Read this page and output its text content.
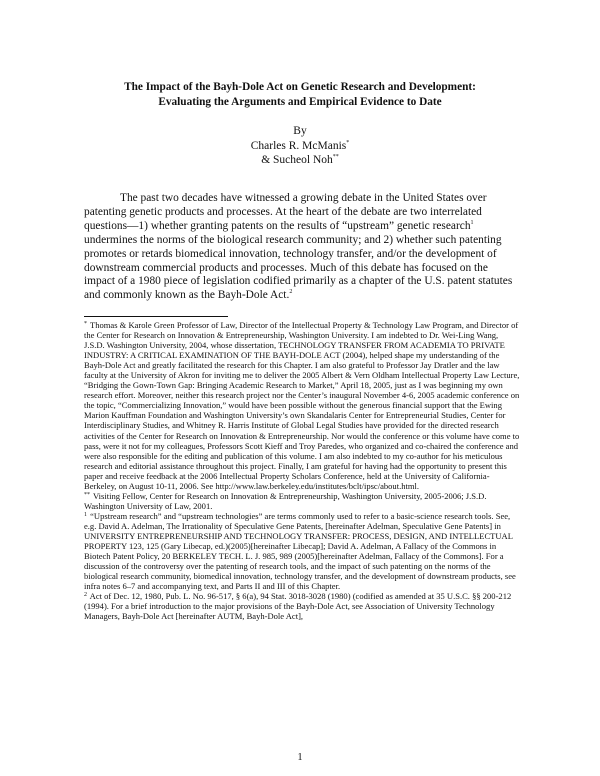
The Impact of the Bayh-Dole Act on Genetic Research and Development:
Evaluating the Arguments and Empirical Evidence to Date
By
Charles R. McManis*
& Sucheol Noh**

The past two decades have witnessed a growing debate in the United States over patenting genetic products and processes. At the heart of the debate are two interrelated questions—1) whether granting patents on the results of “upstream” genetic research$^1$ undermines the norms of the biological research community; and 2) whether such patenting promotes or retards biomedical innovation, technology transfer, and/or the development of downstream commercial products and processes. Much of this debate has focused on the impact of a 1980 piece of legislation codified primarily as a chapter of the U.S. patent statutes and commonly known as the Bayh-Dole Act.$^2$

* Thomas & Karole Green Professor of Law, Director of the Intellectual Property & Technology Law Program, and Director of the Center for Research on Innovation & Entrepreneurship, Washington University. I am indebted to Dr. Wei-Ling Wang, J.S.D. Washington University, 2004, whose dissertation, TECHNOLOGY TRANSFER FROM ACADEMIA TO PRIVATE INDUSTRY: A CRITICAL EXAMINATION OF THE BAYH-DOLE ACT (2004), helped shape my understanding of the Bayh-Dole Act and greatly facilitated the research for this Chapter. I am also grateful to Professor Jay Dratler and the law faculty at the University of Akron for inviting me to deliver the 2005 Albert & Vern Oldham Intellectual Property Law Lecture, “Bridging the Gown-Town Gap: Bringing Academic Research to Market,” April 18, 2005, just as I was beginning my own research effort. Moreover, neither this research project nor the Center’s inaugural November 4-6, 2005 academic conference on the topic, “Commercializing Innovation,” would have been possible without the generous financial support that the Ewing Marion Kauffman Foundation and Washington University’s own Skandalaris Center for Entrepreneurial Studies, Center for Interdisciplinary Studies, and Whitney R. Harris Institute of Global Legal Studies have provided for the directed research activities of the Center for Research on Innovation & Entrepreneurship. Nor would the conference or this volume have come to pass, were it not for my colleagues, Professors Scott Kieff and Troy Paredes, who organized and co-chaired the conference and were also responsible for the editing and publication of this volume. I am also indebted to my co-author for his meticulous research and editorial assistance throughout this project. Finally, I am grateful for having had the opportunity to present this paper and receive feedback at the 2006 Intellectual Property Scholars Conference, held at the University of California-Berkeley, on August 10-11, 2006. See http://www.law.berkeley.edu/institutes/bclt/ipsc/about.html.

** Visiting Fellow, Center for Research on Innovation & Entrepreneurship, Washington University, 2005-2006; J.S.D. Washington University of Law, 2001.

$^1$ “Upstream research” and “upstream technologies” are terms commonly used to refer to a basic-science research tools. See, e.g. David A. Adelman, The Irrationality of Speculative Gene Patents, [hereinafter Adelman, Speculative Gene Patents] in UNIVERSITY ENTREPRENEURSHIP AND TECHNOLOGY TRANSFER: PROCESS, DESIGN, AND INTELLECTUAL PROPERTY 123, 125 (Gary Libecap, ed.)(2005)[hereinafter Libecap]; David A. Adelman, A Fallacy of the Commons in Biotech Patent Policy, 20 BERKELEY TECH. L. J. 985, 989 (2005)[hereinafter Adelman, Fallacy of the Commons]. For a discussion of the controversy over the patenting of research tools, and the impact of such patenting on the norms of the biological research community, biomedical innovation, technology transfer, and the development of downstream products, see infra notes 6–7 and accompanying text, and Parts II and III of this Chapter.

$^2$ Act of Dec. 12, 1980, Pub. L. No. 96-517, § 6(a), 94 Stat. 3018-3028 (1980) (codified as amended at 35 U.S.C. §§ 200-212 (1994). For a brief introduction to the major provisions of the Bayh-Dole Act, see Association of University Technology Managers, Bayh-Dole Act [hereinafter AUTM, Bayh-Dole Act],

1
